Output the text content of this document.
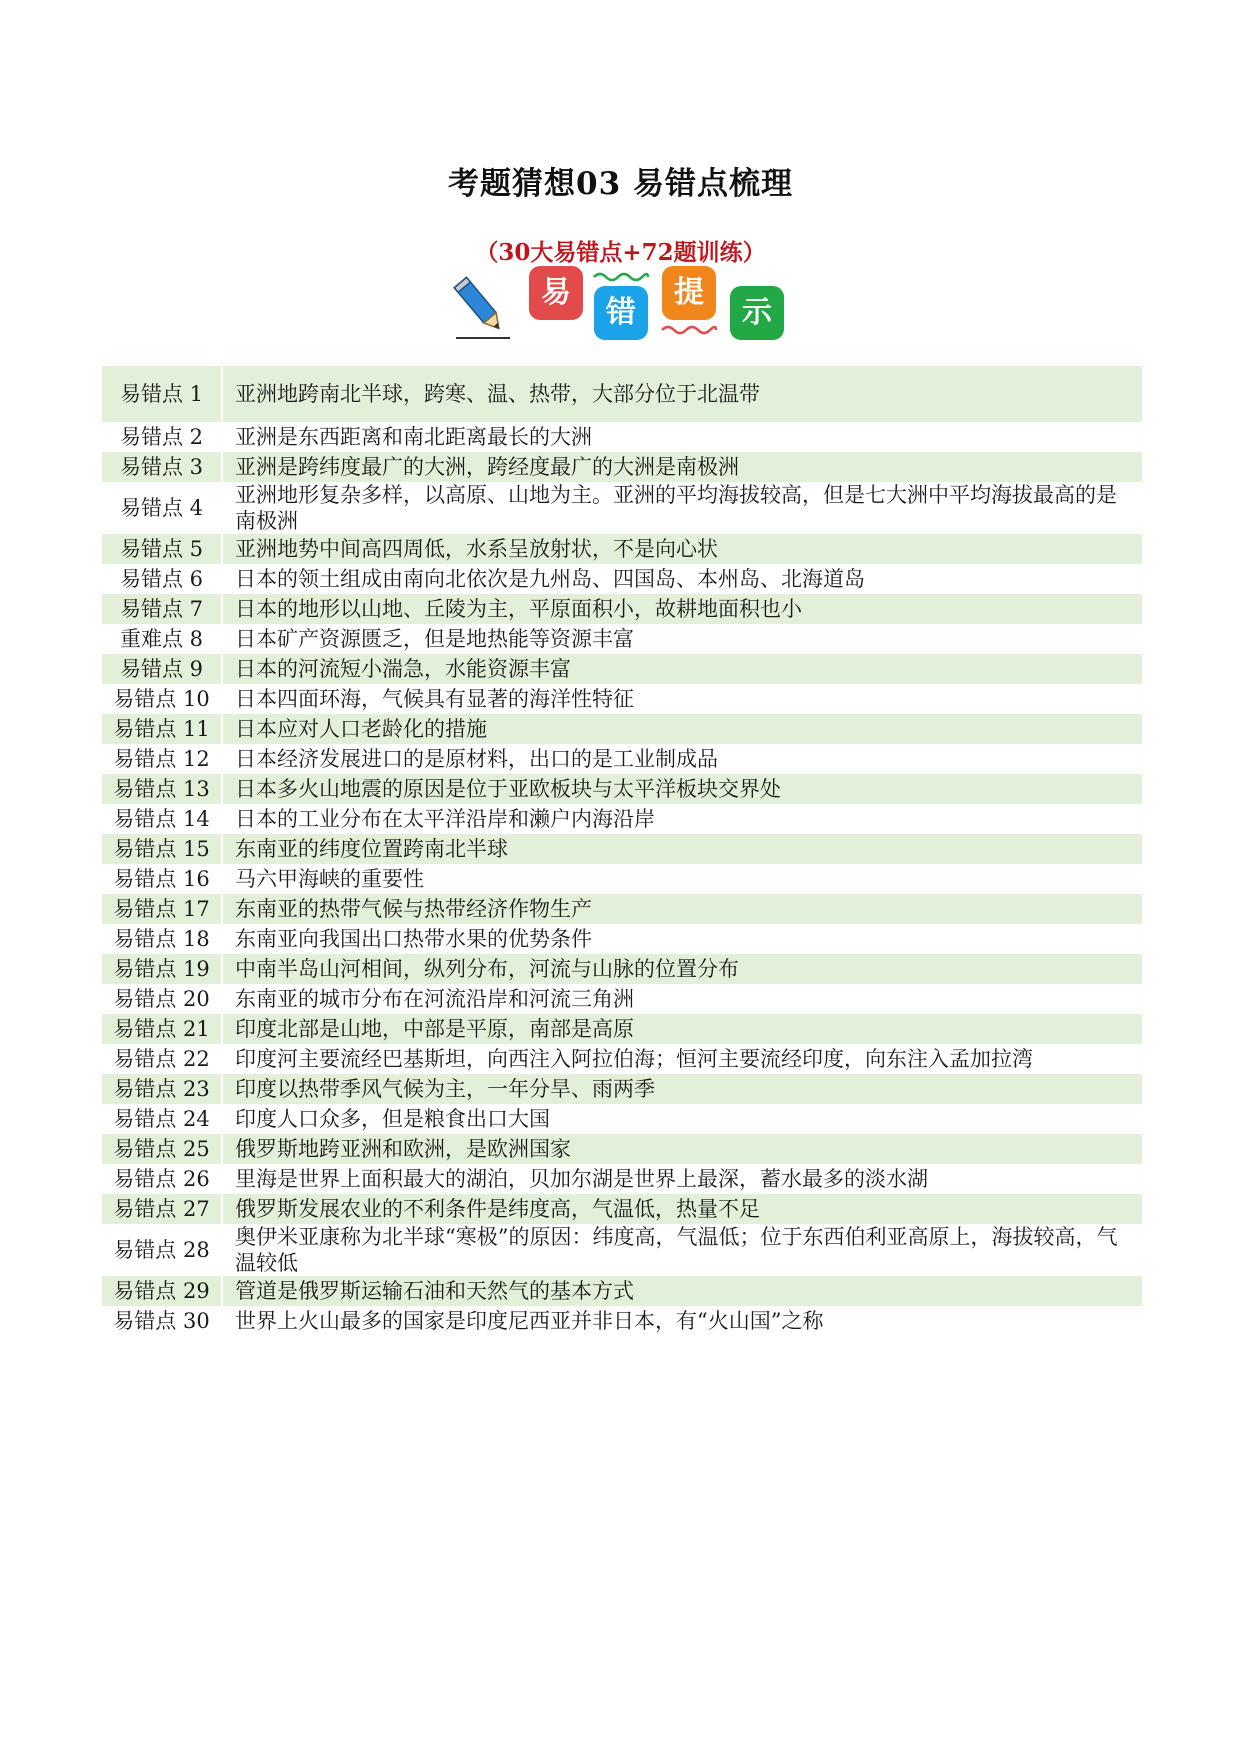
考题猜想03 易错点梳理
（30大易错点+72题训练）
易
错
提
示
易错点 1	亚洲地跨南北半球，跨寒、温、热带，大部分位于北温带
易错点 2	亚洲是东西距离和南北距离最长的大洲
易错点 3	亚洲是跨纬度最广的大洲，跨经度最广的大洲是南极洲
易错点 4	亚洲地形复杂多样，以高原、山地为主。亚洲的平均海拔较高，但是七大洲中平均海拔最高的是南极洲
易错点 5	亚洲地势中间高四周低，水系呈放射状，不是向心状
易错点 6	日本的领土组成由南向北依次是九州岛、四国岛、本州岛、北海道岛
易错点 7	日本的地形以山地、丘陵为主，平原面积小，故耕地面积也小
重难点 8	日本矿产资源匮乏，但是地热能等资源丰富
易错点 9	日本的河流短小湍急，水能资源丰富
易错点 10	日本四面环海，气候具有显著的海洋性特征
易错点 11	日本应对人口老龄化的措施
易错点 12	日本经济发展进口的是原材料，出口的是工业制成品
易错点 13	日本多火山地震的原因是位于亚欧板块与太平洋板块交界处
易错点 14	日本的工业分布在太平洋沿岸和濑户内海沿岸
易错点 15	东南亚的纬度位置跨南北半球
易错点 16	马六甲海峡的重要性
易错点 17	东南亚的热带气候与热带经济作物生产
易错点 18	东南亚向我国出口热带水果的优势条件
易错点 19	中南半岛山河相间，纵列分布，河流与山脉的位置分布
易错点 20	东南亚的城市分布在河流沿岸和河流三角洲
易错点 21	印度北部是山地，中部是平原，南部是高原
易错点 22	印度河主要流经巴基斯坦，向西注入阿拉伯海；恒河主要流经印度，向东注入孟加拉湾
易错点 23	印度以热带季风气候为主，一年分旱、雨两季
易错点 24	印度人口众多，但是粮食出口大国
易错点 25	俄罗斯地跨亚洲和欧洲，是欧洲国家
易错点 26	里海是世界上面积最大的湖泊，贝加尔湖是世界上最深，蓄水最多的淡水湖
易错点 27	俄罗斯发展农业的不利条件是纬度高，气温低，热量不足
易错点 28	奥伊米亚康称为北半球“寒极”的原因：纬度高，气温低；位于东西伯利亚高原上，海拔较高，气温较低
易错点 29	管道是俄罗斯运输石油和天然气的基本方式
易错点 30	世界上火山最多的国家是印度尼西亚并非日本，有“火山国”之称
